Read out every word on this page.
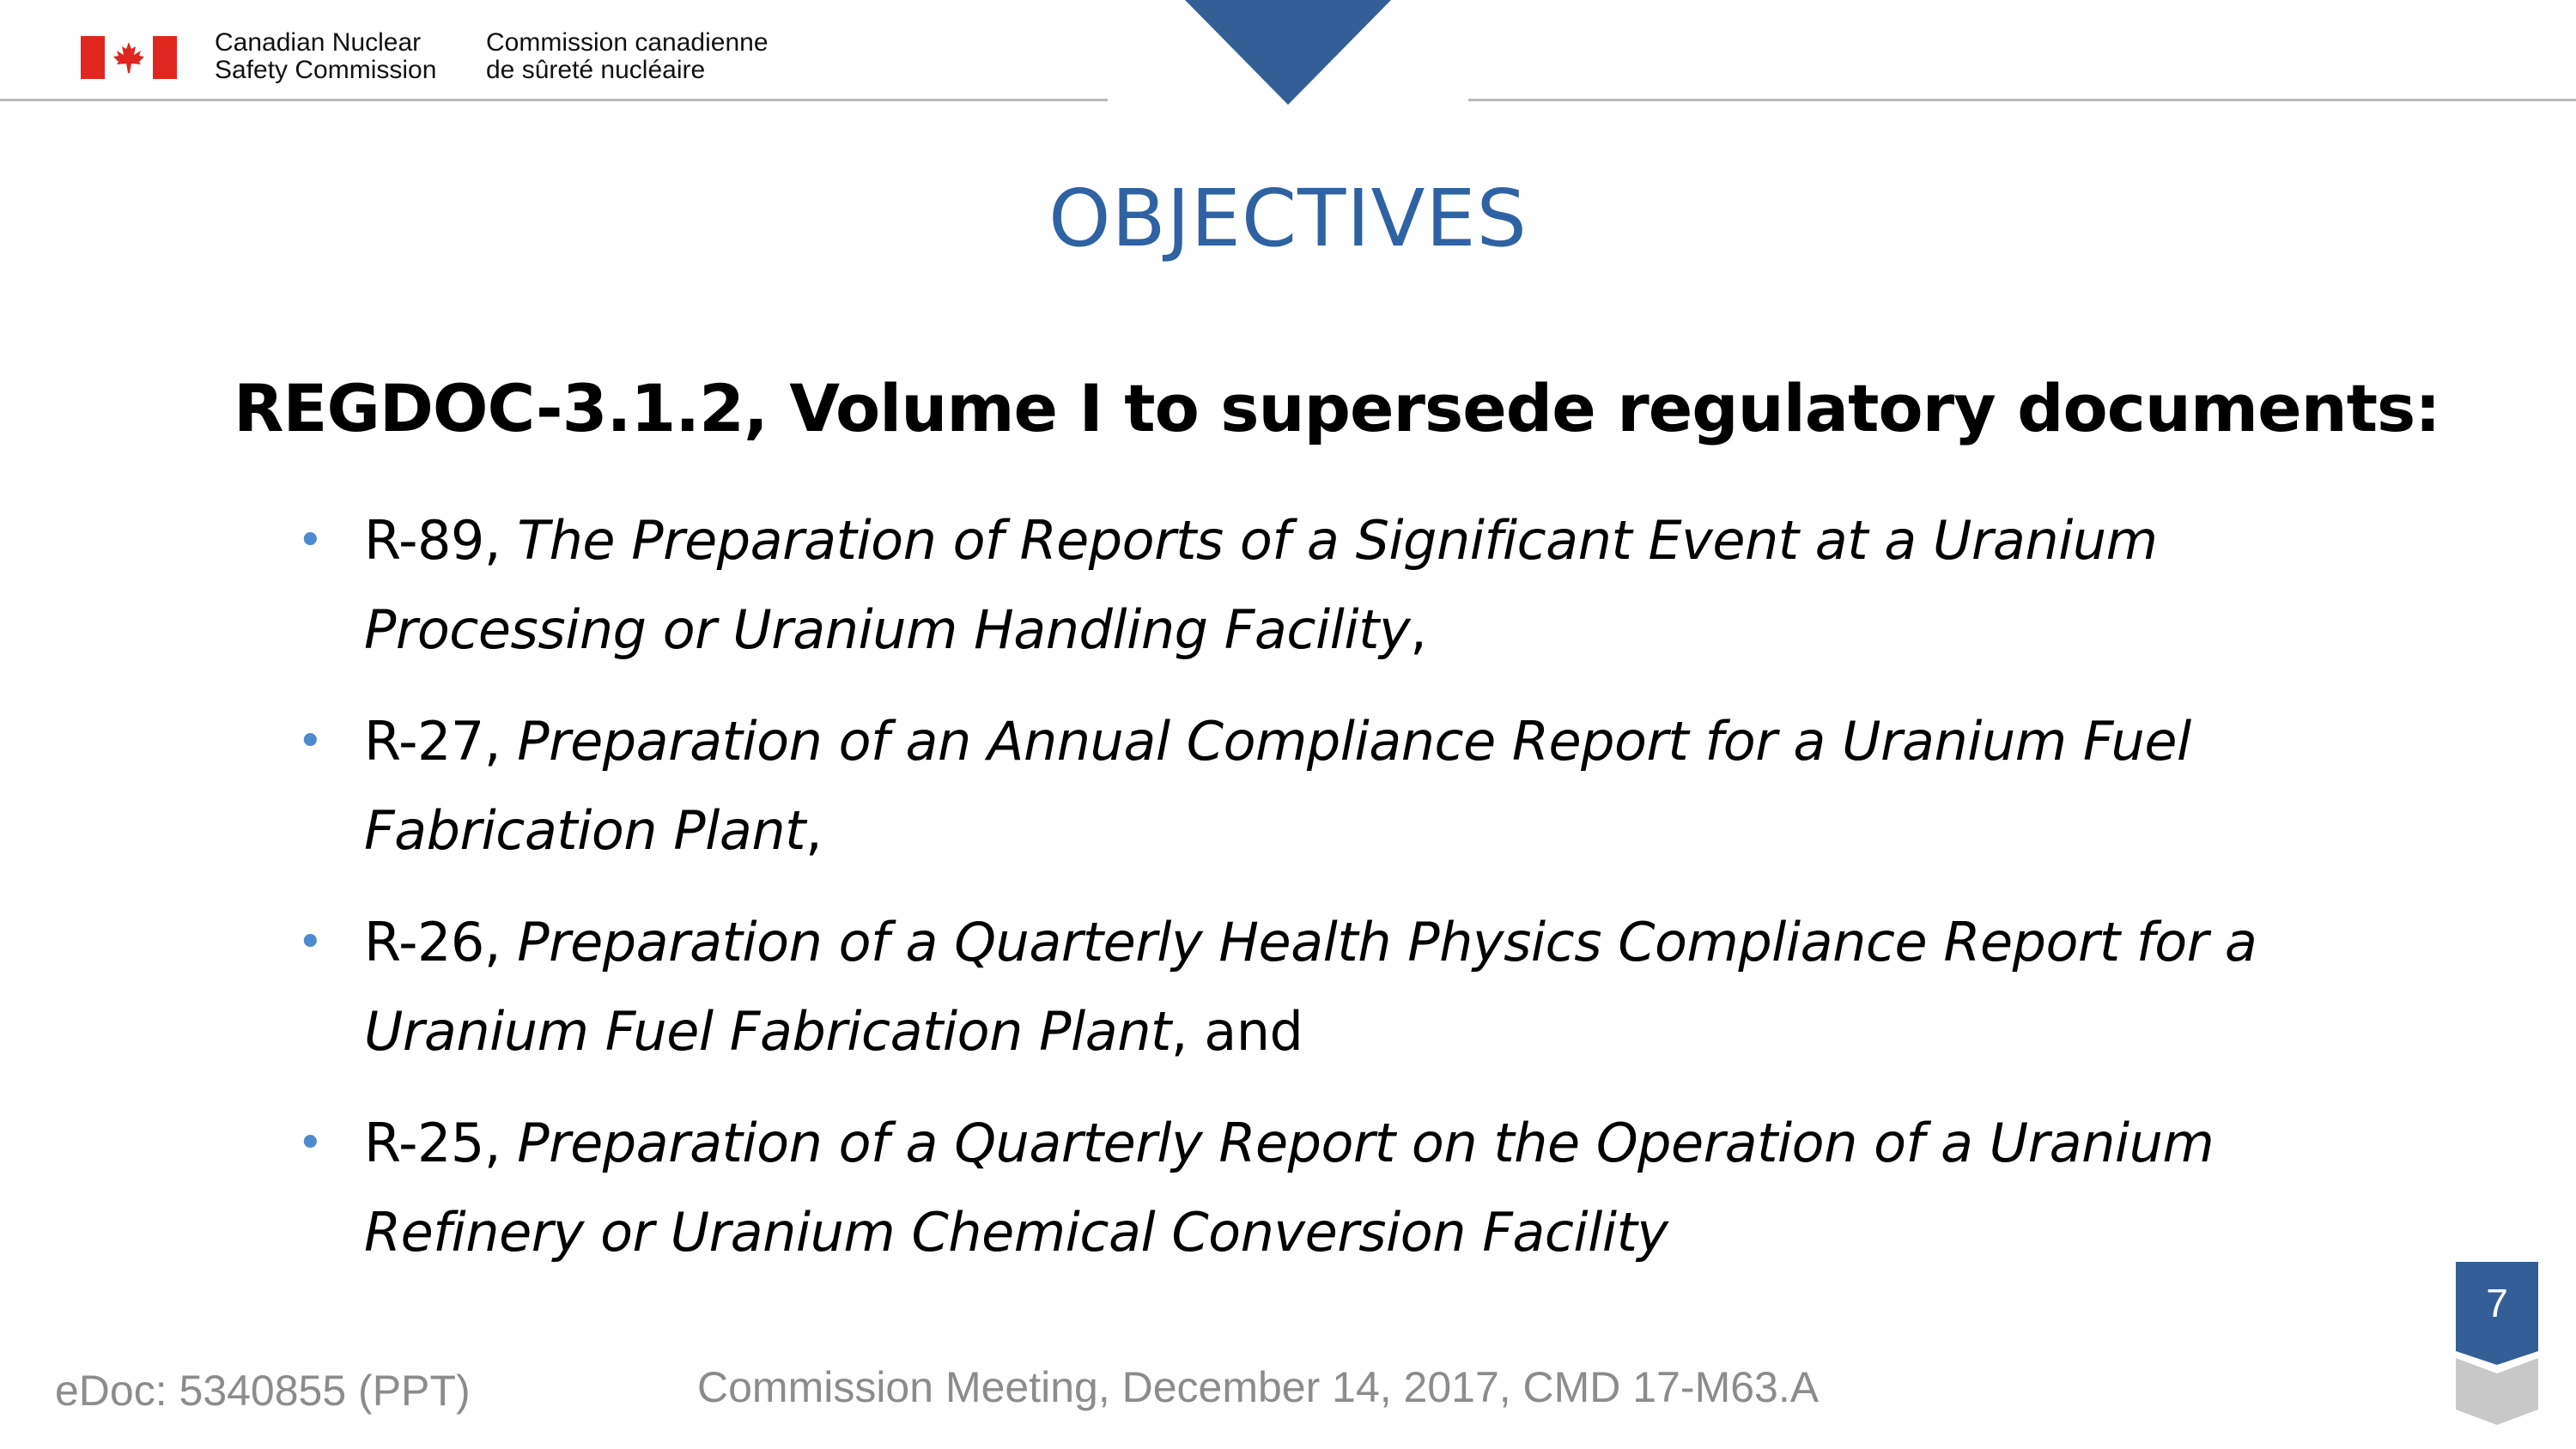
Canadian Nuclear
Safety Commission
Commission canadienne
de sûreté nucléaire
OBJECTIVES
REGDOC-3.1.2, Volume I to supersede regulatory documents:
• R-89, The Preparation of Reports of a Significant Event at a Uranium Processing or Uranium Handling Facility,
• R-27, Preparation of an Annual Compliance Report for a Uranium Fuel Fabrication Plant,
• R-26, Preparation of a Quarterly Health Physics Compliance Report for a Uranium Fuel Fabrication Plant, and
• R-25, Preparation of a Quarterly Report on the Operation of a Uranium Refinery or Uranium Chemical Conversion Facility
eDoc: 5340855 (PPT)	Commission Meeting, December 14, 2017, CMD 17-M63.A
7
